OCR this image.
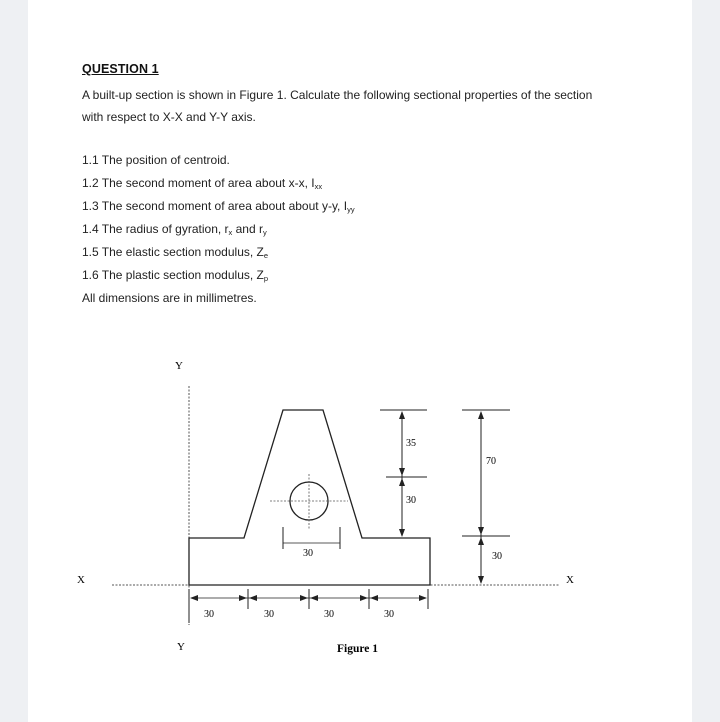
QUESTION 1
A built-up section is shown in Figure 1. Calculate the following sectional properties of the section with respect to X-X and Y-Y axis.
1.1 The position of centroid.
1.2 The second moment of area about x-x, $I_{xx}$
1.3 The second moment of area about about y-y, $I_{yy}$
1.4 The radius of gyration, $r_x$ and $r_y$
1.5 The elastic section modulus, $Z_e$
1.6 The plastic section modulus, $Z_p$
All dimensions are in millimetres.
30
35
30
70
30
30	30	30	30
Y
Y
X	X
Figure 1
